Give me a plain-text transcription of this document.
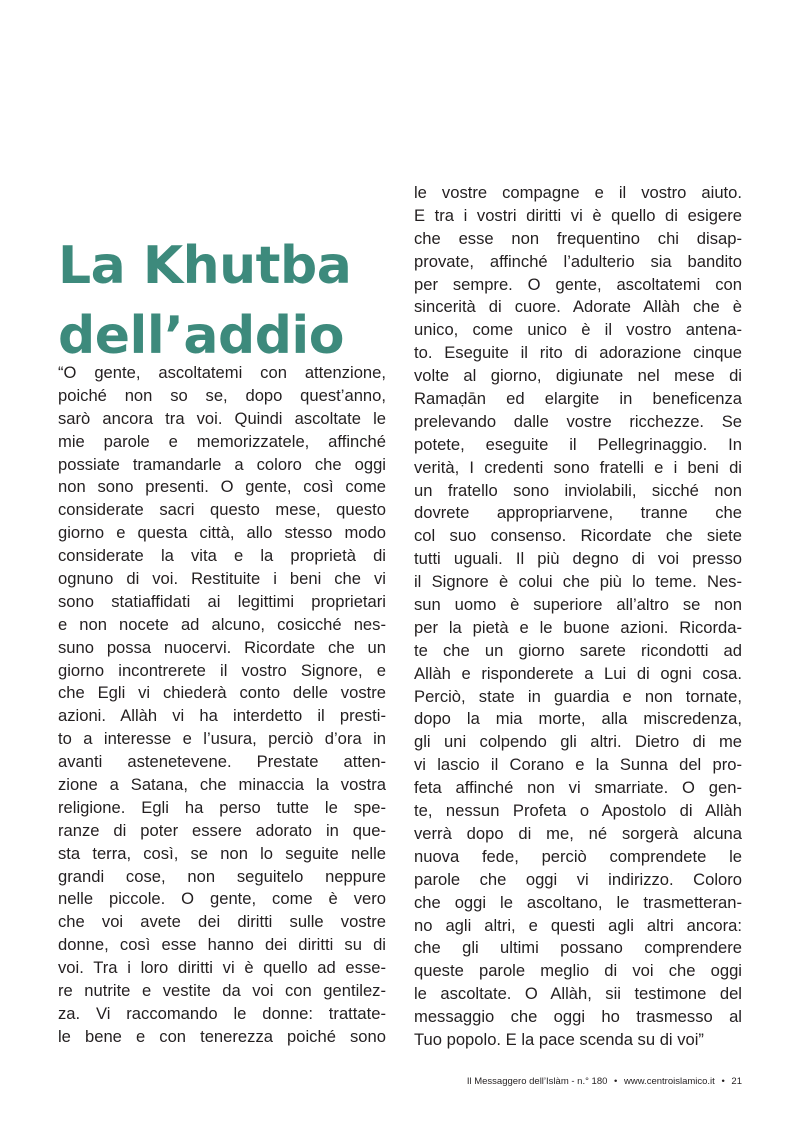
La Khutba
dell’addio
“O gente, ascoltatemi con attenzione,
poiché non so se, dopo quest’anno,
sarò ancora tra voi. Quindi ascoltate le
mie parole e memorizzatele, affinché
possiate tramandarle a coloro che oggi
non sono presenti. O gente, così come
considerate sacri questo mese, questo
giorno e questa città, allo stesso modo
considerate la vita e la proprietà di
ognuno di voi. Restituite i beni che vi
sono statiaffidati ai legittimi proprietari
e non nocete ad alcuno, cosicché nes-
suno possa nuocervi. Ricordate che un
giorno incontrerete il vostro Signore, e
che Egli vi chiederà conto delle vostre
azioni. Allàh vi ha interdetto il presti-
to a interesse e l’usura, perciò d’ora in
avanti astenetevene. Prestate atten-
zione a Satana, che minaccia la vostra
religione. Egli ha perso tutte le spe-
ranze di poter essere adorato in que-
sta terra, così, se non lo seguite nelle
grandi cose, non seguitelo neppure
nelle piccole. O gente, come è vero
che voi avete dei diritti sulle vostre
donne, così esse hanno dei diritti su di
voi. Tra i loro diritti vi è quello ad esse-
re nutrite e vestite da voi con gentilez-
za. Vi raccomando le donne: trattate-
le bene e con tenerezza poiché sono
le vostre compagne e il vostro aiuto.
E tra i vostri diritti vi è quello di esigere
che esse non frequentino chi disap-
provate, affinché l’adulterio sia bandito
per sempre. O gente, ascoltatemi con
sincerità di cuore. Adorate Allàh che è
unico, come unico è il vostro antena-
to. Eseguite il rito di adorazione cinque
volte al giorno, digiunate nel mese di
Ramaḍān ed elargite in beneficenza
prelevando dalle vostre ricchezze. Se
potete, eseguite il Pellegrinaggio. In
verità, I credenti sono fratelli e i beni di
un fratello sono inviolabili, sicché non
dovrete appropriarvene, tranne che
col suo consenso. Ricordate che siete
tutti uguali. Il più degno di voi presso
il Signore è colui che più lo teme. Nes-
sun uomo è superiore all’altro se non
per la pietà e le buone azioni. Ricorda-
te che un giorno sarete ricondotti ad
Allàh e risponderete a Lui di ogni cosa.
Perciò, state in guardia e non tornate,
dopo la mia morte, alla miscredenza,
gli uni colpendo gli altri. Dietro di me
vi lascio il Corano e la Sunna del pro-
feta affinché non vi smarriate. O gen-
te, nessun Profeta o Apostolo di Allàh
verrà dopo di me, né sorgerà alcuna
nuova fede, perciò comprendete le
parole che oggi vi indirizzo. Coloro
che oggi le ascoltano, le trasmetteran-
no agli altri, e questi agli altri ancora:
che gli ultimi possano comprendere
queste parole meglio di voi che oggi
le ascoltate. O Allàh, sii testimone del
messaggio che oggi ho trasmesso al
Tuo popolo. E la pace scenda su di voi”
Il Messaggero dell’Islàm - n.° 180 • www.centroislamico.it • 21
